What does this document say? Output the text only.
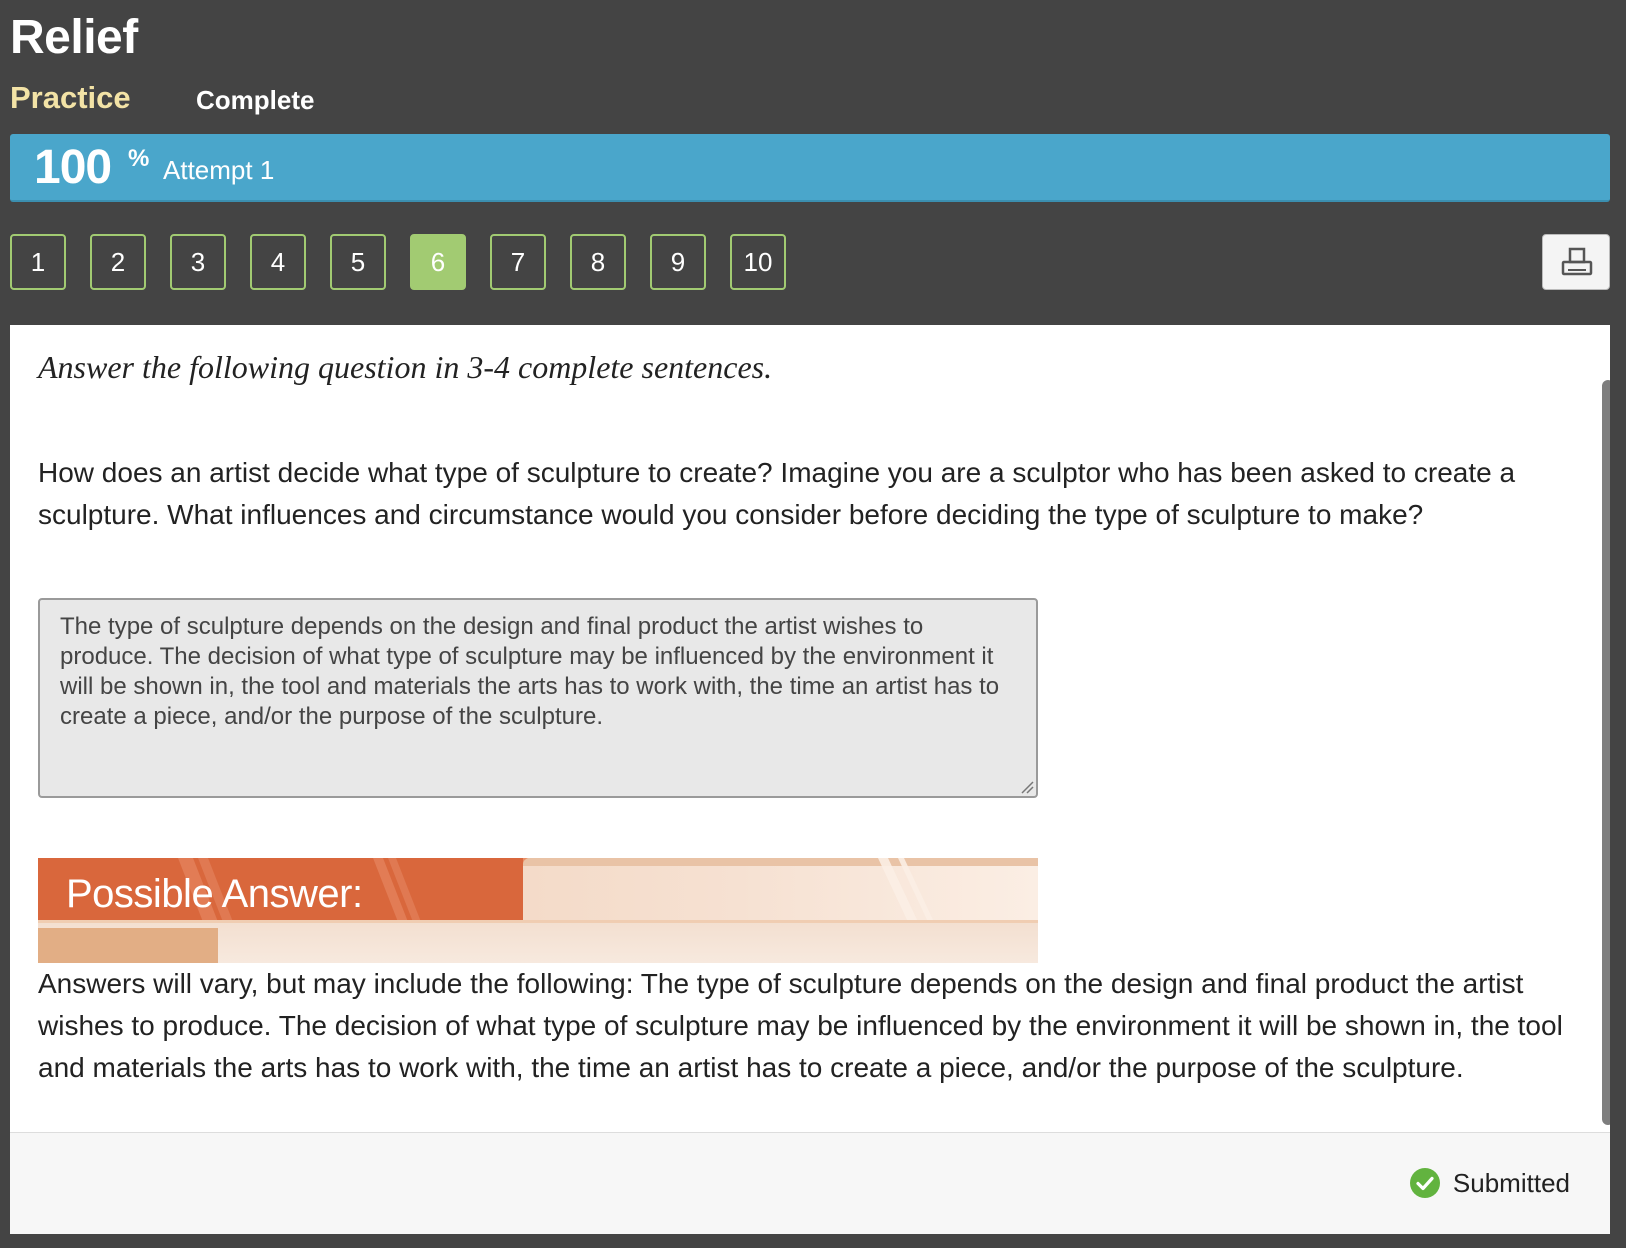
Relief
Practice	Complete
100 % Attempt 1
1	2	3	4	5	6	7	8	9	10
Answer the following question in 3-4 complete sentences.
How does an artist decide what type of sculpture to create? Imagine you are a sculptor who has been asked to create a sculpture. What influences and circumstance would you consider before deciding the type of sculpture to make?
The type of sculpture depends on the design and final product the artist wishes to produce. The decision of what type of sculpture may be influenced by the environment it will be shown in, the tool and materials the arts has to work with, the time an artist has to create a piece, and/or the purpose of the sculpture.
Possible Answer:
Answers will vary, but may include the following: The type of sculpture depends on the design and final product the artist wishes to produce. The decision of what type of sculpture may be influenced by the environment it will be shown in, the tool and materials the arts has to work with, the time an artist has to create a piece, and/or the purpose of the sculpture.
Submitted
